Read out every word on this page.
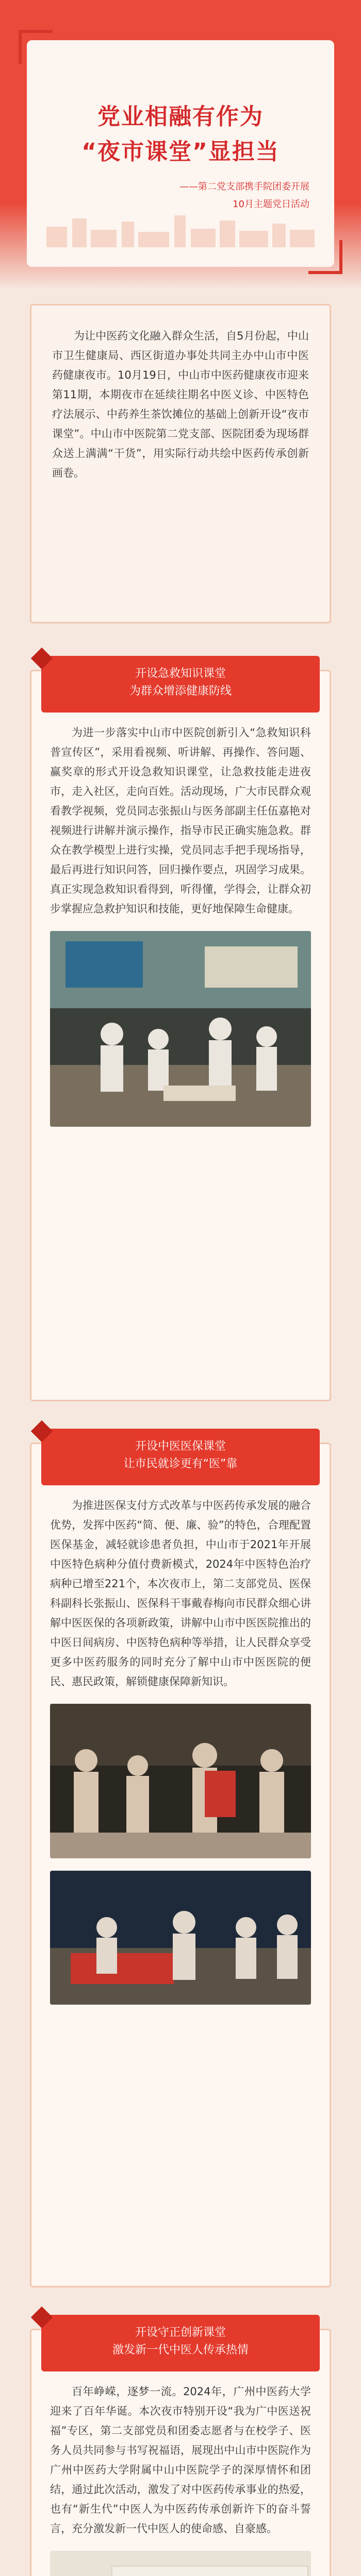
党业相融有作为
“夜市课堂”显担当
——第二党支部携手院团委开展
10月主题党日活动

为让中医药文化融入群众生活，自5月份起，中山市卫生健康局、西区街道办事处共同主办中山市中医药健康夜市。10月19日，中山市中医药健康夜市迎来第11期，本期夜市在延续往期名中医义诊、中医特色疗法展示、中药养生茶饮摊位的基础上创新开设“夜市课堂”。中山市中医院第二党支部、医院团委为现场群众送上满满“干货”，用实际行动共绘中医药传承创新画卷。

开设急救知识课堂
为群众增添健康防线

为进一步落实中山市中医院创新引入“急救知识科普宣传区”，采用看视频、听讲解、再操作、答问题、赢奖章的形式开设急救知识课堂，让急救技能走进夜市，走入社区，走向百姓。活动现场，广大市民群众观看教学视频，党员同志张振山与医务部副主任伍嘉艳对视频进行讲解并演示操作，指导市民正确实施急救。群众在教学模型上进行实操，党员同志手把手现场指导，最后再进行知识问答，回归操作要点，巩固学习成果。真正实现急救知识看得到，听得懂，学得会，让群众初步掌握应急救护知识和技能，更好地保障生命健康。

开设中医医保课堂
让市民就诊更有“医”靠

为推进医保支付方式改革与中医药传承发展的融合优势，发挥中医药“简、便、廉、验”的特色，合理配置医保基金，减轻就诊患者负担，中山市于2021年开展中医特色病种分值付费新模式，2024年中医特色治疗病种已增至221个，本次夜市上，第二支部党员、医保科副科长张振山、医保科干事戴春梅向市民群众细心讲解中医医保的各项新政策，讲解中山市中医医院推出的中医日间病房、中医特色病种等举措，让人民群众享受更多中医药服务的同时充分了解中山市中医医院的便民、惠民政策，解锁健康保障新知识。

开设守正创新课堂
激发新一代中医人传承热情

百年峥嵘，逐梦一流。2024年，广州中医药大学迎来了百年华诞。本次夜市特别开设“我为广中医送祝福”专区，第二支部党员和团委志愿者与在校学子、医务人员共同参与书写祝福语，展现出中山市中医院作为广州中医药大学附属中山中医院学子的深厚情怀和团结，通过此次活动，激发了对中医药传承事业的热爱，也有“新生代”中医人为中医药传承创新许下的奋斗誓言，充分激发新一代中医人的使命感、自豪感。
